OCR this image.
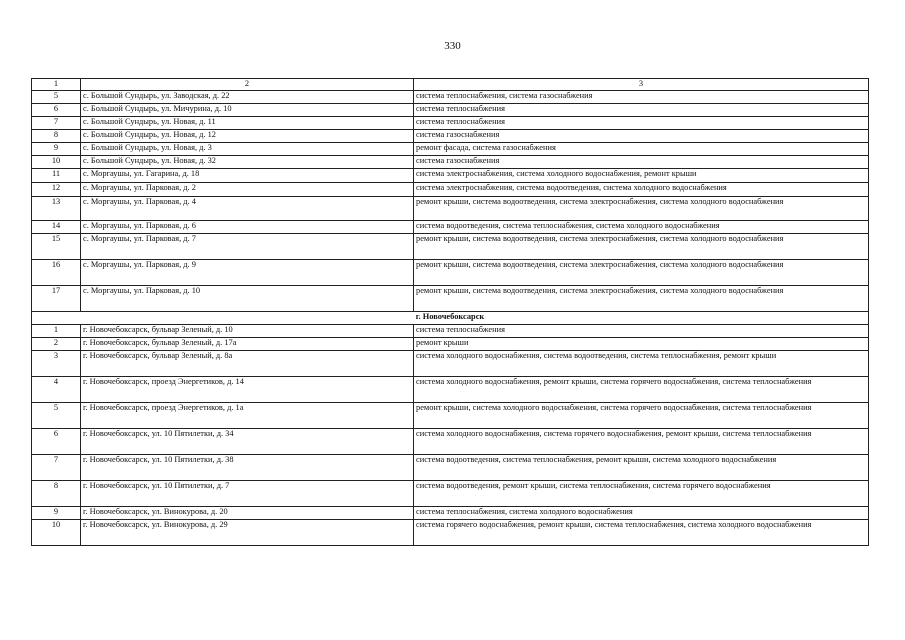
330
1	2	3
5	с. Большой Сундырь, ул. Заводская, д. 22	система теплоснабжения, система газоснабжения
6	с. Большой Сундырь, ул. Мичурина, д. 10	система теплоснабжения
7	с. Большой Сундырь, ул. Новая, д. 11	система теплоснабжения
8	с. Большой Сундырь, ул. Новая, д. 12	система газоснабжения
9	с. Большой Сундырь, ул. Новая, д. 3	ремонт фасада, система газоснабжения
10	с. Большой Сундырь, ул. Новая, д. 32	система газоснабжения
11	с. Моргаушы, ул. Гагарина, д. 18	система электроснабжения, система холодного водоснабжения, ремонт крыши
12	с. Моргаушы, ул. Парковая, д. 2	система электроснабжения, система водоотведения, система холодного водоснабжения
13	с. Моргаушы, ул. Парковая, д. 4	ремонт крыши, система водоотведения, система электроснабжения, система холодного водоснабжения
14	с. Моргаушы, ул. Парковая, д. 6	система водоотведения, система теплоснабжения, система холодного водоснабжения
15	с. Моргаушы, ул. Парковая, д. 7	ремонт крыши, система водоотведения, система электроснабжения, система холодного водоснабжения
16	с. Моргаушы, ул. Парковая, д. 9	ремонт крыши, система водоотведения, система электроснабжения, система холодного водоснабжения
17	с. Моргаушы, ул. Парковая, д. 10	ремонт крыши, система водоотведения, система электроснабжения, система холодного водоснабжения
г. Новочебоксарск		
1	г. Новочебоксарск, бульвар Зеленый, д. 10	система теплоснабжения
2	г. Новочебоксарск, бульвар Зеленый, д. 17а	ремонт крыши
3	г. Новочебоксарск, бульвар Зеленый, д. 8а	система холодного водоснабжения, система водоотведения, система теплоснабжения, ремонт крыши
4	г. Новочебоксарск, проезд Энергетиков, д. 14	система холодного водоснабжения, ремонт крыши, система горячего водоснабжения, система теплоснабжения
5	г. Новочебоксарск, проезд Энергетиков, д. 1а	ремонт крыши, система холодного водоснабжения, система горячего водоснабжения, система теплоснабжения
6	г. Новочебоксарск, ул. 10 Пятилетки, д. 34	система холодного водоснабжения, система горячего водоснабжения, ремонт крыши, система теплоснабжения
7	г. Новочебоксарск, ул. 10 Пятилетки, д. 38	система водоотведения, система теплоснабжения, ремонт крыши, система холодного водоснабжения
8	г. Новочебоксарск, ул. 10 Пятилетки, д. 7	система водоотведения, ремонт крыши, система теплоснабжения, система горячего водоснабжения
9	г. Новочебоксарск, ул. Винокурова, д. 20	система теплоснабжения, система холодного водоснабжения
10	г. Новочебоксарск, ул. Винокурова, д. 29	система горячего водоснабжения, ремонт крыши, система теплоснабжения, система холодного водоснабжения
